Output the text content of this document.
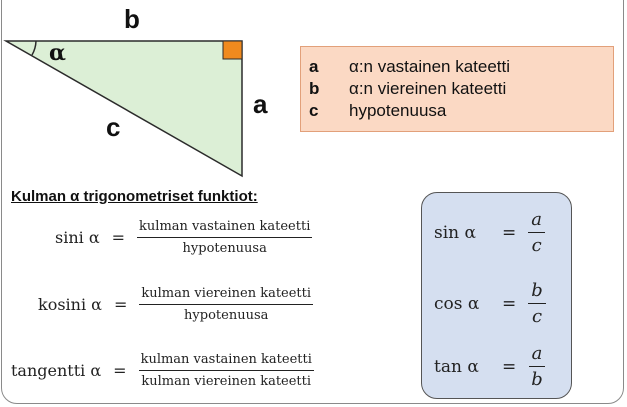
b
a
c
α
a	α:n vastainen kateetti
b	α:n viereinen kateetti
c	hypotenuusa
Kulman α trigonometriset funktiot:
sini $\alpha = \frac{\text{kulman vastainen kateetti}}{\text{hypotenuusa}}$
kosini $\alpha = \frac{\text{kulman viereinen kateetti}}{\text{hypotenuusa}}$
tangentti $\alpha = \frac{\text{kulman vastainen kateetti}}{\text{kulman viereinen kateetti}}$
sin α	= $\frac{a}{c}$
cos α	= $\frac{b}{c}$
tan α	= $\frac{a}{b}$
